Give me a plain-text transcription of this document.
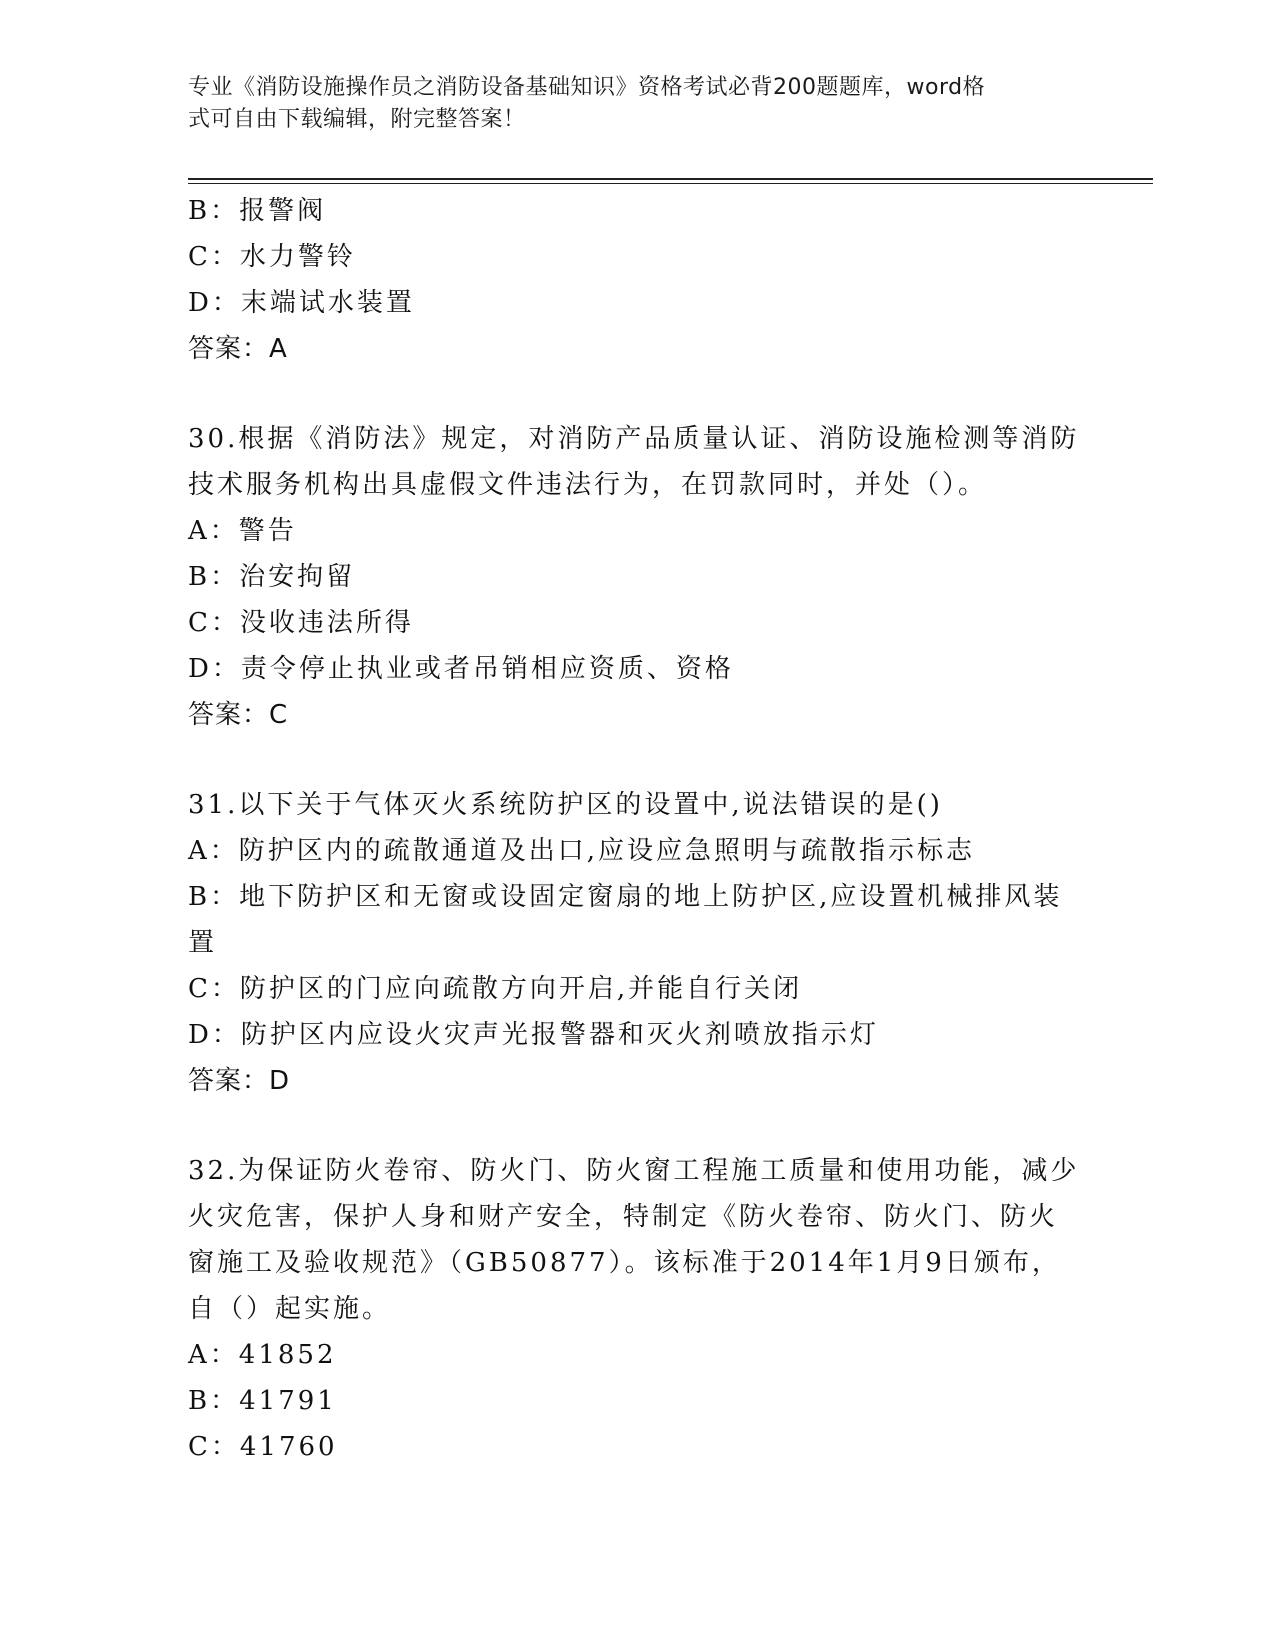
专业《消防设施操作员之消防设备基础知识》资格考试必背200题题库，word格
式可自由下载编辑，附完整答案！
B：报警阀
C：水力警铃
D：末端试水装置
答案：A
30.根据《消防法》规定，对消防产品质量认证、消防设施检测等消防
技术服务机构出具虚假文件违法行为，在罚款同时，并处（）。
A：警告
B：治安拘留
C：没收违法所得
D：责令停止执业或者吊销相应资质、资格
答案：C
31.以下关于气体灭火系统防护区的设置中,说法错误的是()
A：防护区内的疏散通道及出口,应设应急照明与疏散指示标志
B：地下防护区和无窗或设固定窗扇的地上防护区,应设置机械排风装
置
C：防护区的门应向疏散方向开启,并能自行关闭
D：防护区内应设火灾声光报警器和灭火剂喷放指示灯
答案：D
32.为保证防火卷帘、防火门、防火窗工程施工质量和使用功能，减少
火灾危害，保护人身和财产安全，特制定《防火卷帘、防火门、防火
窗施工及验收规范》（GB50877）。该标准于2014年1月9日颁布，
自（）起实施。
A：41852
B：41791
C：41760
